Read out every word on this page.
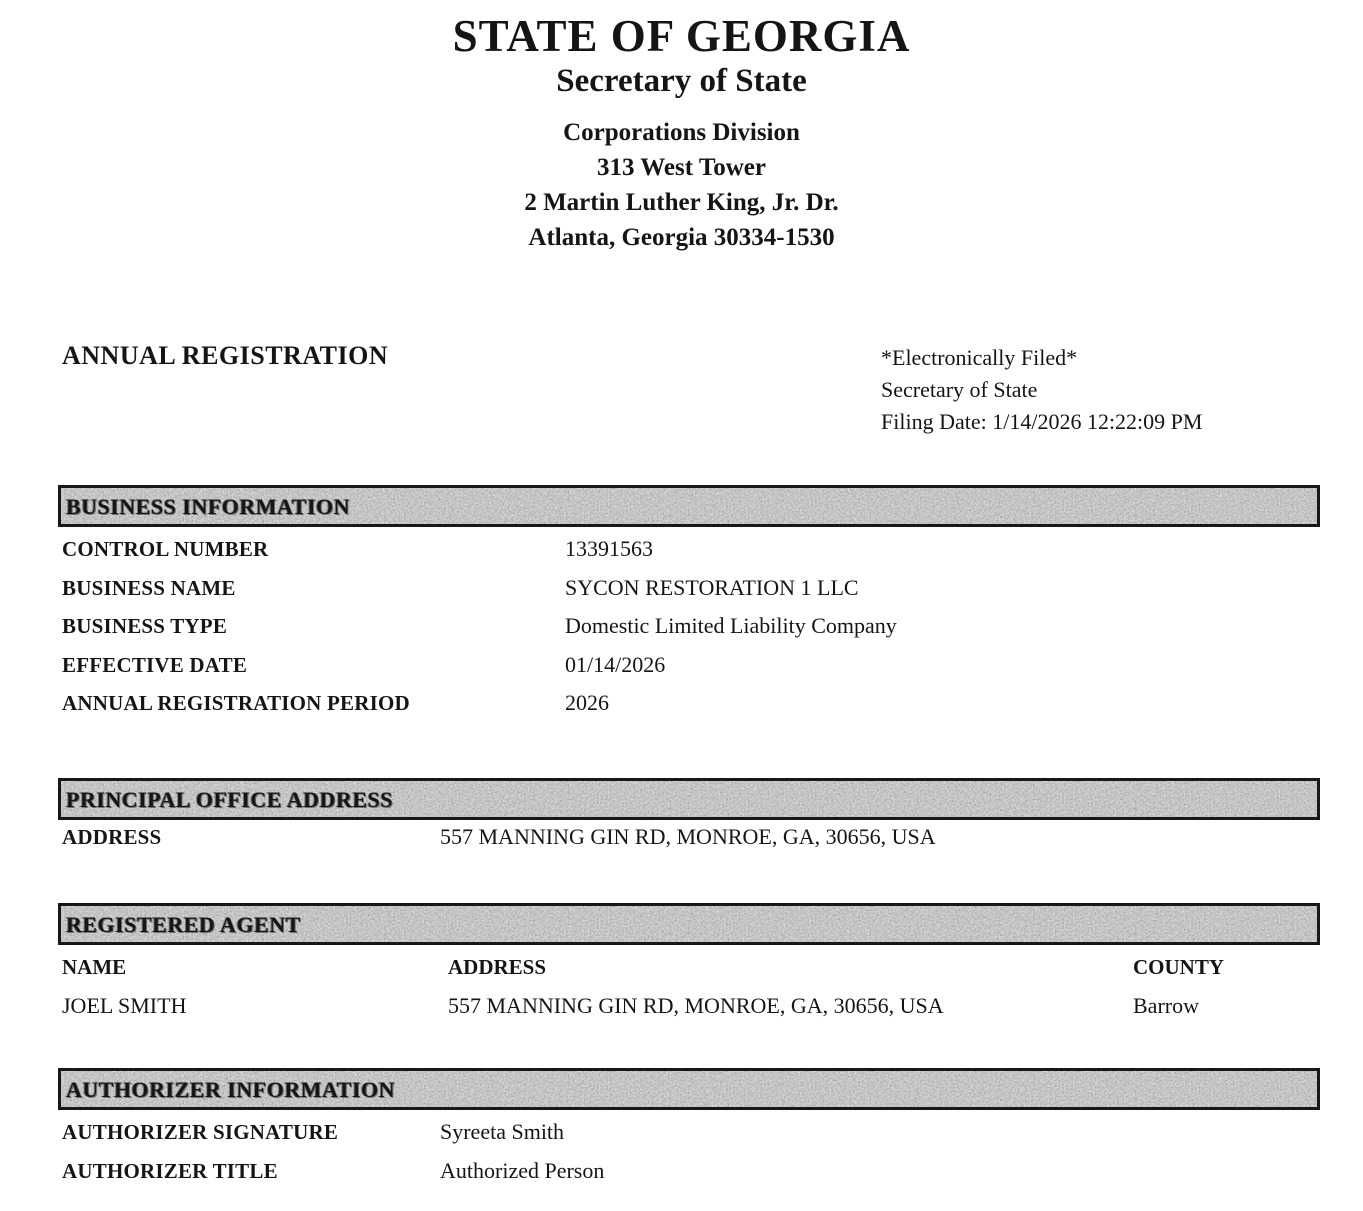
STATE OF GEORGIA
Secretary of State
Corporations Division
313 West Tower
2 Martin Luther King, Jr. Dr.
Atlanta, Georgia 30334-1530
ANNUAL REGISTRATION	*Electronically Filed*
Secretary of State
Filing Date: 1/14/2026 12:22:09 PM
BUSINESS INFORMATION
CONTROL NUMBER	13391563
BUSINESS NAME	SYCON RESTORATION 1 LLC
BUSINESS TYPE	Domestic Limited Liability Company
EFFECTIVE DATE	01/14/2026
ANNUAL REGISTRATION PERIOD	2026
PRINCIPAL OFFICE ADDRESS
ADDRESS	557 MANNING GIN RD, MONROE, GA, 30656, USA
REGISTERED AGENT
NAME	ADDRESS	COUNTY
JOEL SMITH	557 MANNING GIN RD, MONROE, GA, 30656, USA	Barrow
AUTHORIZER INFORMATION
AUTHORIZER SIGNATURE	Syreeta Smith
AUTHORIZER TITLE	Authorized Person
